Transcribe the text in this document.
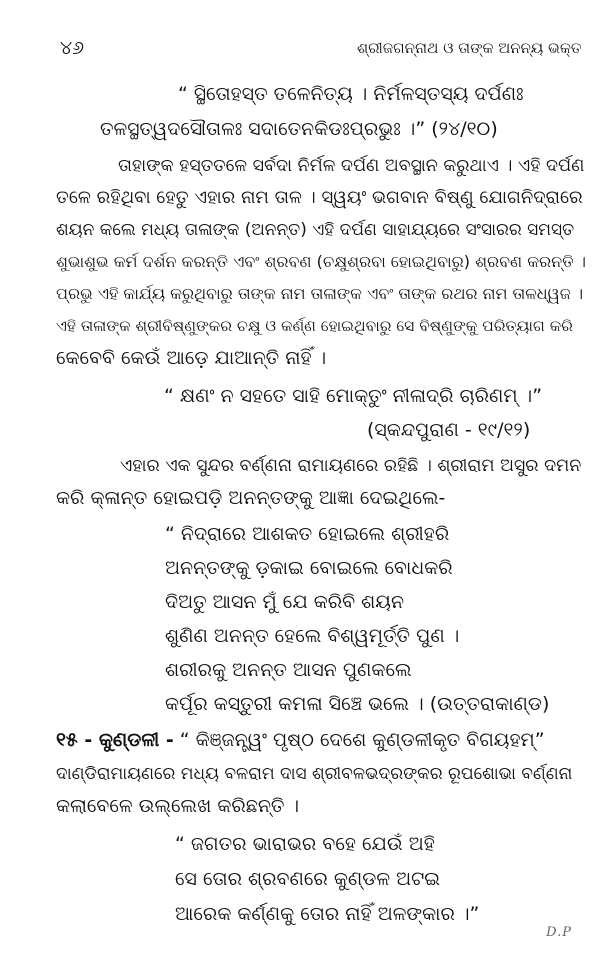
୪୬	ଶ୍ରୀଜଗନ୍ନାଥ ଓ ତାଙ୍କ ଅନନ୍ୟ ଭକ୍ତ
“ ସ୍ଥିତୋହସ୍ତ ତଳେନିତ୍ୟ । ନିର୍ମଳସ୍ତସ୍ୟ ଦର୍ପଣଃ
ତଳସ୍ଥତ୍ୱଦସୌତାଳଃ ସଦାତେନକିଡଃପ୍ରଭୁଃ ।” (୨୪/୧୦)
ତାହାଙ୍କ ହସ୍ତତଳେ ସର୍ବଦା ନିର୍ମଳ ଦର୍ପଣ ଅବସ୍ଥାନ କରୁଥାଏ । ଏହି ଦର୍ପଣ
ତଳେ ରହିଥିବା ହେତୁ ଏହାର ନାମ ତାଳ । ସ୍ୱୟଂ ଭଗବାନ ବିଷ୍ଣୁ ଯୋଗନିଦ୍ରାରେ
ଶୟନ କଲେ ମଧ୍ୟ ତାଳାଙ୍କ (ଅନନ୍ତ) ଏହି ଦର୍ପଣ ସାହାଯ୍ୟରେ ସଂସାରର ସମସ୍ତ
ଶୁଭାଶୁଭ କର୍ମ ଦର୍ଶନ କରନ୍ତି ଏବଂ ଶ୍ରବଣ (ଚକ୍ଷୁଶ୍ରବା ହୋଇଥିବାରୁ) ଶ୍ରବଣ କରନ୍ତି ।
ପ୍ରଭୁ ଏହି କାର୍ଯ୍ୟ କରୁଥିବାରୁ ତାଙ୍କ ନାମ ତାଳାଙ୍କ ଏବଂ ତାଙ୍କ ରଥର ନାମ ତାଳଧ୍ୱଜ ।
ଏହି ତାଳାଙ୍କ ଶ୍ରୀବିଷ୍ଣୁଙ୍କର ଚକ୍ଷୁ ଓ କର୍ଣ୍ଣ ହୋଇଥିବାରୁ ସେ ବିଷ୍ଣୁଙ୍କୁ ପରିତ୍ୟାଗ କରି
କେବେବି କେଉଁ ଆଡ଼େ ଯାଆନ୍ତି ନାହିଁ ।
“ କ୍ଷଣଂ ନ ସହତେ ସାହି ମୋକ୍ତୁଂ ନୀଳାଦ୍ରି ଚାରିଣମ୍ ।”
(ସ୍କନ୍ଦପୁରାଣ - ୧୯/୧୨)
ଏହାର ଏକ ସୁନ୍ଦର ବର୍ଣ୍ଣନା ରାମାୟଣରେ ରହିଛି । ଶ୍ରୀରାମ ଅସୁର ଦମନ
କରି କ୍ଳାନ୍ତ ହୋଇପଡ଼ି ଅନନ୍ତଙ୍କୁ ଆଜ୍ଞା ଦେଇଥିଲେ-
“ ନିଦ୍ରାରେ ଆଶକତ ହୋଇଲେ ଶ୍ରୀହରି
ଅନନ୍ତଙ୍କୁ ଡ଼କାଇ ବୋଇଲେ ବୋଧକରି
ଦିଅତୁ ଆସନ ମୁଁ ଯେ କରିବି ଶୟନ
ଶୁଣିଣ ଅନନ୍ତ ହେଲେ ବିଶ୍ୱମୂର୍ତ୍ତି ପୁଣ ।
ଶରୀରକୁ ଅନନ୍ତ ଆସନ ପୁଣକଲେ
କର୍ପୂର କସ୍ତୁରୀ କମଳା ସିଞ୍ଚେ ଭଲେ । (ଉତ୍ତରାକାଣ୍ଡ)
୧୫ - କୁଣ୍ଡଳୀ - “ କିଞ୍ଜନ୍ତ୍ୱଂ ପୃଷ୍ଠ ଦେଶେ କୁଣ୍ଡଳୀକୃତ ବିଗୟହମ୍”
ଦାଣ୍ଡିରାମାୟଣରେ ମଧ୍ୟ ବଳରାମ ଦାସ ଶ୍ରୀବଳଭଦ୍ରଙ୍କର ରୂପଶୋଭା ବର୍ଣ୍ଣନା
କଲାବେଳେ ଉଲ୍ଲେଖ କରିଛନ୍ତି ।
“ ଜଗତର ଭାରାଭର ବହେ ଯେଉଁ ଅହି
ସେ ତୋର ଶ୍ରବଣରେ କୁଣ୍ଡଳ ଅଟଇ
ଆରେକ କର୍ଣ୍ଣକୁ ତୋର ନାହିଁ ଅଳଙ୍କାର ।”
D.P
